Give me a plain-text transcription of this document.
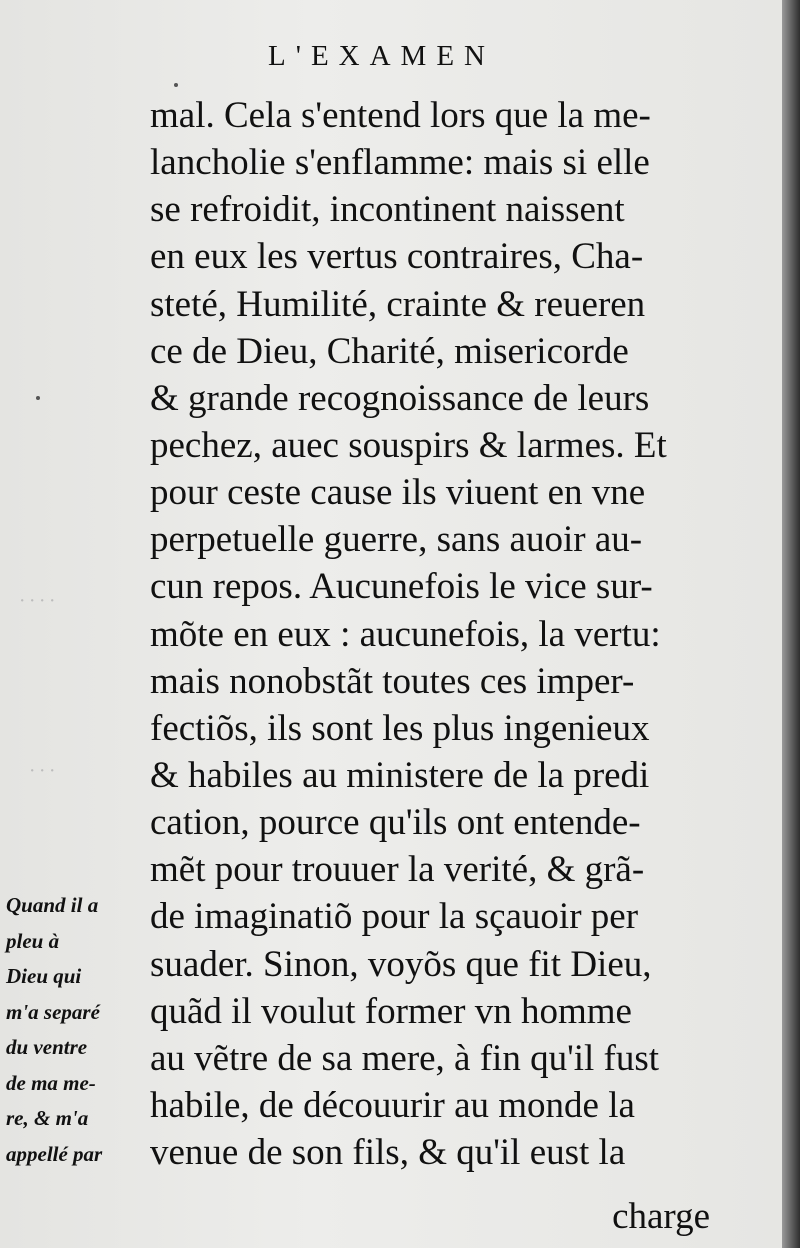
· · · ·
· · ·
L'EXAMEN
mal. Cela s'entend lors que la me-
lancholie s'enflamme: mais si elle
se refroidit, incontinent naissent
en eux les vertus contraires, Cha-
steté, Humilité, crainte & reueren
ce de Dieu, Charité, misericorde
& grande recognoissance de leurs
pechez, auec souspirs & larmes. Et
pour ceste cause ils viuent en vne
perpetuelle guerre, sans auoir au-
cun repos. Aucunefois le vice sur-
mõte en eux : aucunefois, la vertu:
mais nonobstãt toutes ces imper-
fectiõs, ils sont les plus ingenieux
& habiles au ministere de la predi
cation, pource qu'ils ont entende-
mẽt pour trouuer la verité, & grã-
de imaginatiõ pour la sçauoir per
suader. Sinon, voyõs que fit Dieu,
quãd il voulut former vn homme
au vẽtre de sa mere, à fin qu'il fust
habile, de découurir au monde la
venue de son fils, & qu'il eust la
charge
Quand il a
pleu à
Dieu qui
m'a separé
du ventre
de ma me-
re, & m'a
appellé par
